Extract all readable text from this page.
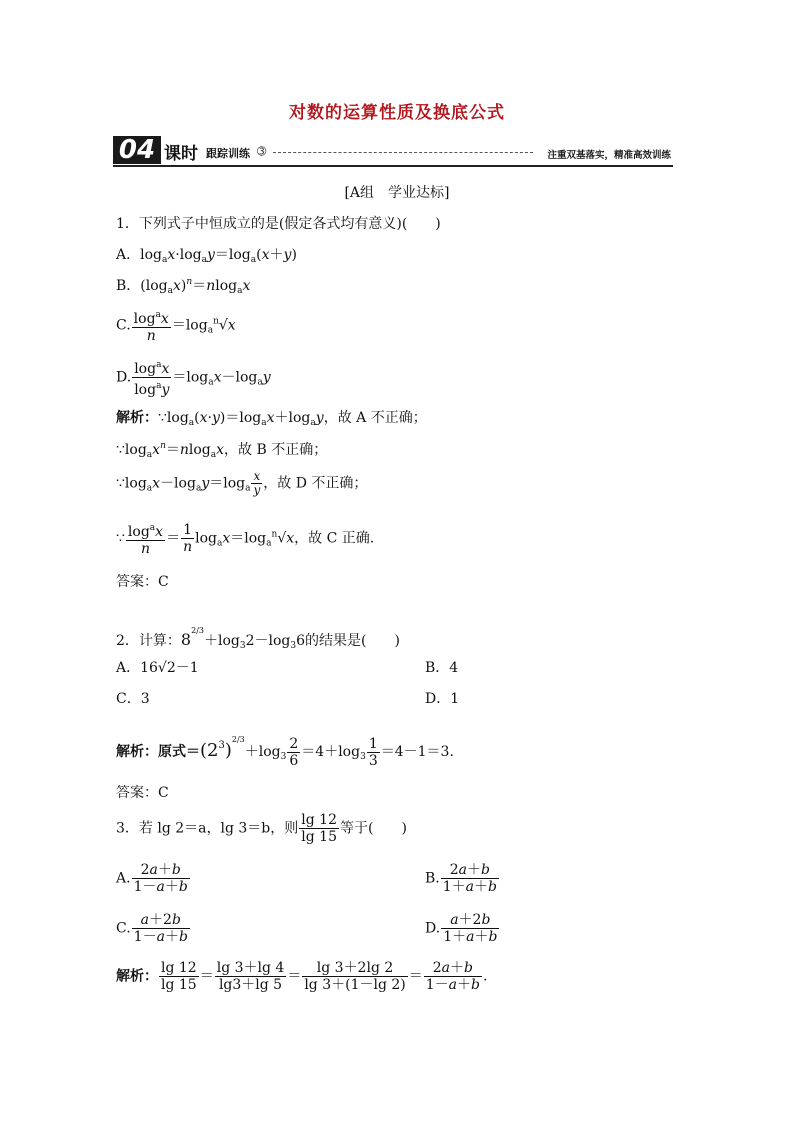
对数的运算性质及换底公式
04 课时 跟踪训练 ➂	注重双基落实，精准高效训练
[A组　学业达标]
1．下列式子中恒成立的是(假定各式均有意义)(　　)
A．$\log_ax\cdot\log_ay=\log_a(x+y)$
B．$(\log_ax)^n=nlog_ax$
C. $\frac{\log^ax}{n} =\log_a^n√x$
D. $\frac{\log^ax}{\log^ay} =\log_ax-\log_ay$
解析：$\because\log_a(x\cdot y)=\log_ax+\log_ay$，故 A 不正确；
$\because\log_ax^n=nlog_ax$，故 B 不正确；
$\because\log_ax-\log_ay=\log_a \frac{x}{y}$ ，故 D 不正确；
∵ $\frac{\log^ax}{n} = \frac{1}{n} \log_ax=\log_a^n√x$，故 C 正确.
答案：C
2．计算：$8^{2/3}+\log_32-\log_36$的结果是(　　)
A．16√2－1	B．4
C．3	D．1
解析：原式$=(2^3)^{2/3}+\log_3 \frac{2}{6} =4+\log_3 \frac{1}{3} =4-1=3$.
答案：C
3．若 lg 2＝a，lg 3＝b，则 $\frac{\lg 12}{\lg 15}$ 等于(　　)
A. $\frac{2a+b}{1-a+b}$	B. $\frac{2a+b}{1+a+b}$
C. $\frac{a+2b}{1-a+b}$	D. $\frac{a+2b}{1+a+b}$
解析： $\frac{\lg 12}{\lg 15} = \frac{\lg 3+\lg 4}{\lg 3+\lg 5} = \frac{\lg 3+2\lg 2}{\lg 3+(1-\lg 2)} = \frac{2a+b}{1-a+b}$ .
